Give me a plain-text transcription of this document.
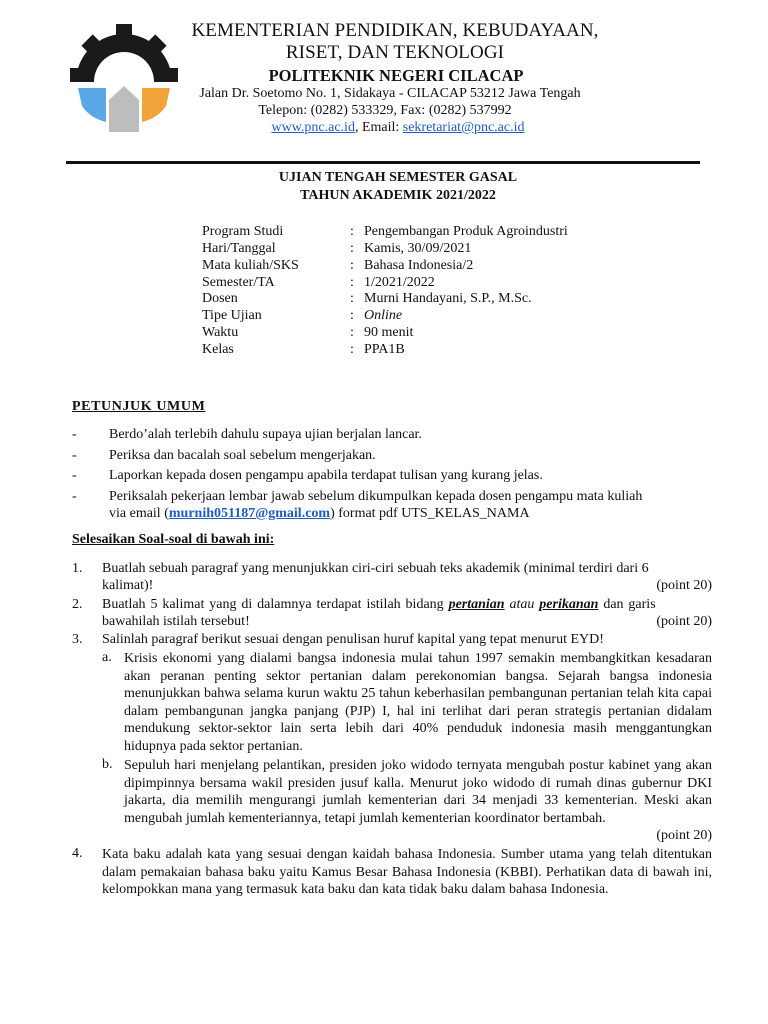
KEMENTERIAN PENDIDIKAN, KEBUDAYAAN,
RISET, DAN TEKNOLOGI
POLITEKNIK NEGERI CILACAP
Jalan Dr. Soetomo No. 1, Sidakaya - CILACAP 53212 Jawa Tengah
Telepon: (0282) 533329, Fax: (0282) 537992
www.pnc.ac.id, Email: sekretariat@pnc.ac.id
UJIAN TENGAH SEMESTER GASAL
TAHUN AKADEMIK 2021/2022
Program Studi	: Pengembangan Produk Agroindustri
Hari/Tanggal	: Kamis, 30/09/2021
Mata kuliah/SKS	: Bahasa Indonesia/2
Semester/TA	: 1/2021/2022
Dosen	: Murni Handayani, S.P., M.Sc.
Tipe Ujian	: Online
Waktu	: 90 menit
Kelas	: PPA1B
PETUNJUK UMUM
- Berdo’alah terlebih dahulu supaya ujian berjalan lancar.
- Periksa dan bacalah soal sebelum mengerjakan.
- Laporkan kepada dosen pengampu apabila terdapat tulisan yang kurang jelas.
- Periksalah pekerjaan lembar jawab sebelum dikumpulkan kepada dosen pengampu mata kuliah
via email (murnih051187@gmail.com) format pdf UTS_KELAS_NAMA
Selesaikan Soal-soal di bawah ini:
1. Buatlah sebuah paragraf yang menunjukkan ciri-ciri sebuah teks akademik (minimal terdiri dari 6
kalimat)!	(point 20)
2. Buatlah 5 kalimat yang di dalamnya terdapat istilah bidang pertanian atau perikanan dan garis
bawahilah istilah tersebut!	(point 20)
3. Salinlah paragraf berikut sesuai dengan penulisan huruf kapital yang tepat menurut EYD!
a. Krisis ekonomi yang dialami bangsa indonesia mulai tahun 1997 semakin membangkitkan kesadaran akan peranan penting sektor pertanian dalam perekonomian bangsa. Sejarah bangsa indonesia menunjukkan bahwa selama kurun waktu 25 tahun keberhasilan pembangunan pertanian telah kita capai dalam pembangunan jangka panjang (PJP) I, hal ini terlihat dari peran strategis pertanian didalam mendukung sektor-sektor lain serta lebih dari 40% penduduk indonesia masih menggantungkan hidupnya pada sektor pertanian.
b. Sepuluh hari menjelang pelantikan, presiden joko widodo ternyata mengubah postur kabinet yang akan dipimpinnya bersama wakil presiden jusuf kalla. Menurut joko widodo di rumah dinas gubernur DKI jakarta, dia memilih mengurangi jumlah kementerian dari 34 menjadi 33 kementerian. Meski akan mengubah jumlah kementeriannya, tetapi jumlah kementerian koordinator bertambah.
(point 20)
4. Kata baku adalah kata yang sesuai dengan kaidah bahasa Indonesia. Sumber utama yang telah ditentukan dalam pemakaian bahasa baku yaitu Kamus Besar Bahasa Indonesia (KBBI). Perhatikan data di bawah ini, kelompokkan mana yang termasuk kata baku dan kata tidak baku dalam bahasa Indonesia.
